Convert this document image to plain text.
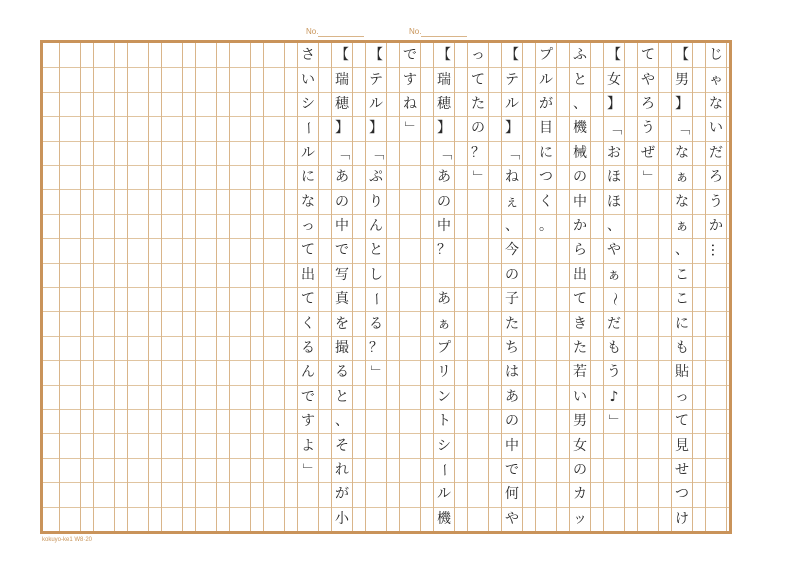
No.	No.
じ
ゃ
な
い
だ
ろ
う
か
…
【
男
】
「
な
ぁ
な
ぁ
、
こ
こ
に
も
貼
っ
て
見
せ
つ
け
て
や
ろ
う
ぜ
」
【
女
】
「
お
ほ
ほ
、
や
ぁ
〜
だ
も
う
♪
」
ふ
と
、
機
械
の
中
か
ら
出
て
き
た
若
い
男
女
の
カ
ッ
プ
ル
が
目
に
つ
く
。
【
テ
ル
】
「
ね
ぇ
、
今
の
子
た
ち
は
あ
の
中
で
何
や
っ
て
た
の
？
」
【
瑞
穂
】
「
あ
の
中
？

あ
ぁ
プ
リ
ン
ト
シ
ー
ル
機
で
す
ね
」
【
テ
ル
】
「
ぷ
り
ん
と
し
ー
る
？
」
【
瑞
穂
】
「
あ
の
中
で
写
真
を
撮
る
と
、
そ
れ
が
小
さ
い
シ
ー
ル
に
な
っ
て
出
て
く
る
ん
で
す
よ
」
kokuyo-ke1 W8·20
